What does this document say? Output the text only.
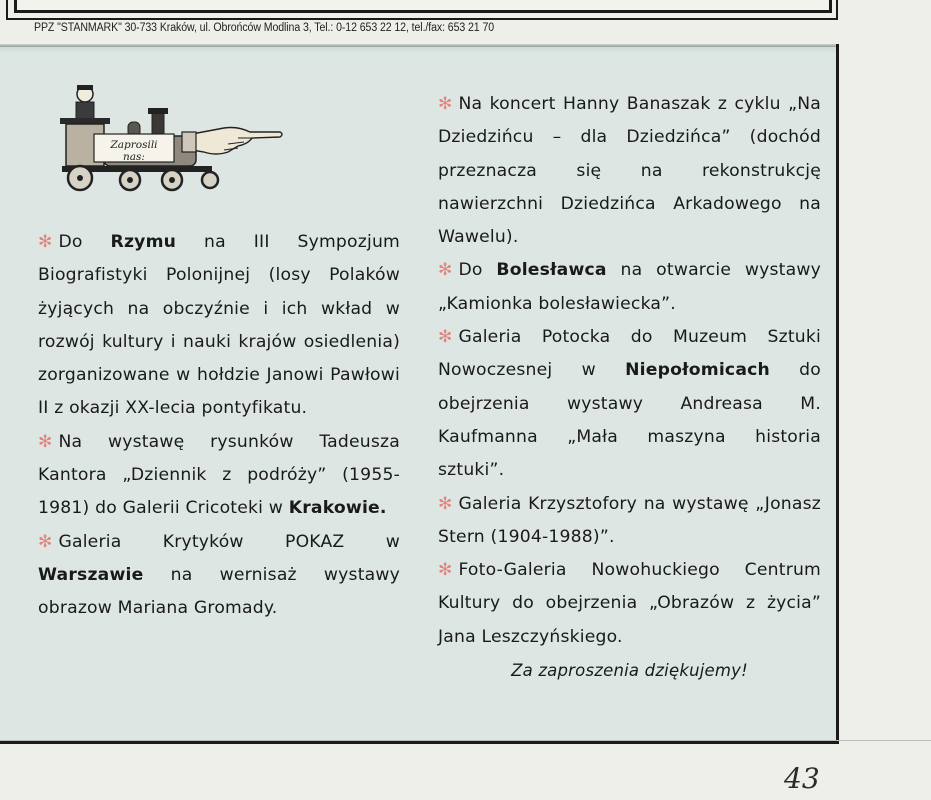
PPZ "STANMARK" 30-733 Kraków, ul. Obrońców Modlina 3, Tel.: 0-12 653 22 12, tel./fax: 653 21 70
Zaprosili nas:

✻ Do Rzymu na III Sympozjum Biografistyki Polonijnej (losy Polaków żyjących na obczyźnie i ich wkład w rozwój kultury i nauki krajów osiedlenia) zorganizowane w hołdzie Janowi Pawłowi II z okazji XX-lecia pontyfikatu.

✻ Na wystawę rysunków Tadeusza Kantora „Dziennik z podróży” (1955-1981) do Galerii Cricoteki w Krakowie.

✻ Galeria Krytyków POKAZ w Warszawie na wernisaż wystawy obrazow Mariana Gromady.

✻ Na koncert Hanny Banaszak z cyklu „Na Dziedzińcu – dla Dziedzińca” (dochód przeznacza się na rekonstrukcję nawierzchni Dziedzińca Arkadowego na Wawelu).

✻ Do Bolesławca na otwarcie wystawy „Kamionka bolesławiecka”.

✻ Galeria Potocka do Muzeum Sztuki Nowoczesnej w Niepołomicach do obejrzenia wystawy Andreasa M. Kaufmanna „Mała maszyna historia sztuki”.

✻ Galeria Krzysztofory na wystawę „Jonasz Stern (1904-1988)”.

✻ Foto-Galeria Nowohuckiego Centrum Kultury do obejrzenia „Obrazów z życia” Jana Leszczyńskiego.

Za zaproszenia dziękujemy!
43
